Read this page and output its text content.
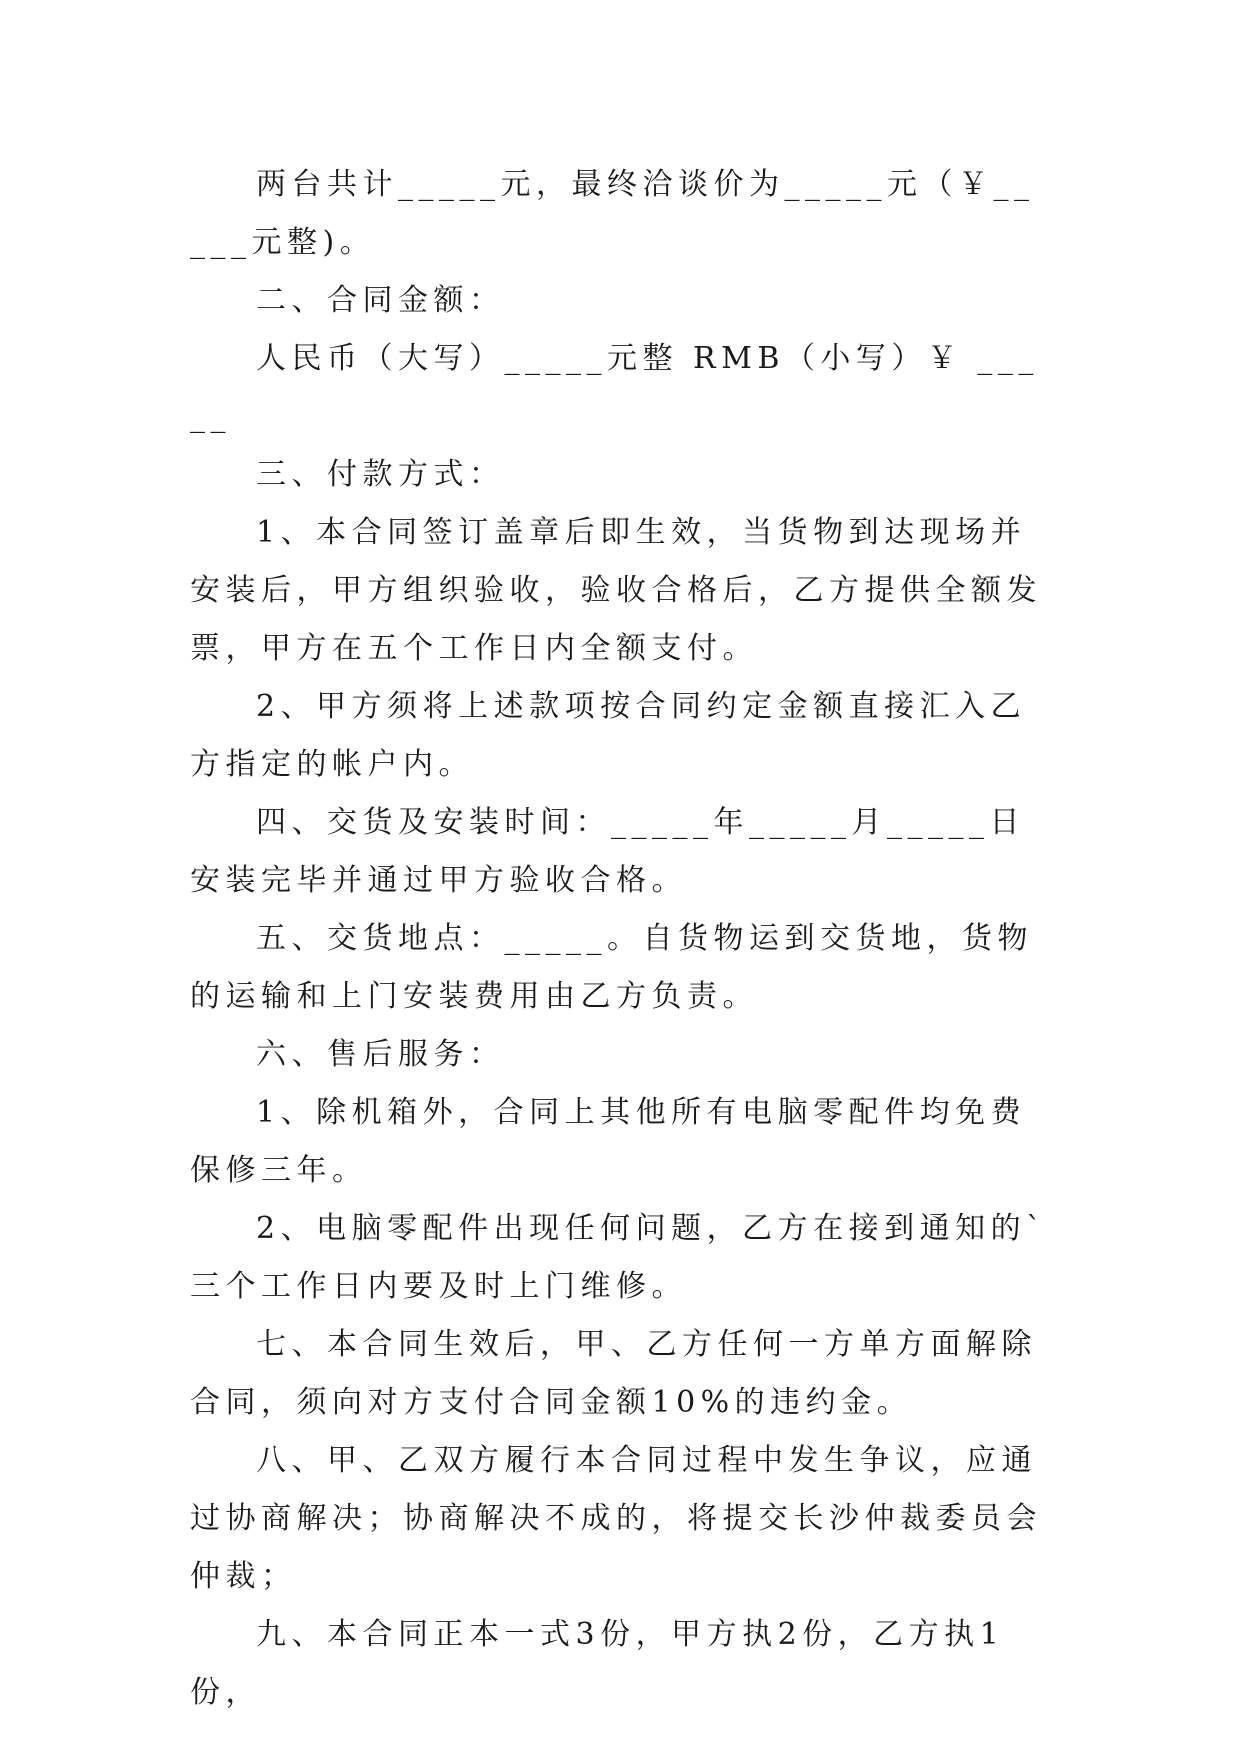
两台共计_____元，最终洽谈价为_____元（￥_____元整)。

二、合同金额：

人民币（大写）_____元整 RMB（小写）￥ _____

三、付款方式：

1、本合同签订盖章后即生效，当货物到达现场并安装后，甲方组织验收，验收合格后，乙方提供全额发票，甲方在五个工作日内全额支付。

2、甲方须将上述款项按合同约定金额直接汇入乙方指定的帐户内。

四、交货及安装时间：_____年_____月_____日安装完毕并通过甲方验收合格。

五、交货地点：_____。自货物运到交货地，货物的运输和上门安装费用由乙方负责。

六、售后服务：

1、除机箱外，合同上其他所有电脑零配件均免费保修三年。

2、电脑零配件出现任何问题，乙方在接到通知的`三个工作日内要及时上门维修。

七、本合同生效后，甲、乙方任何一方单方面解除合同，须向对方支付合同金额10%的违约金。

八、甲、乙双方履行本合同过程中发生争议，应通过协商解决；协商解决不成的，将提交长沙仲裁委员会仲裁；

九、本合同正本一式3份，甲方执2份，乙方执1份，
